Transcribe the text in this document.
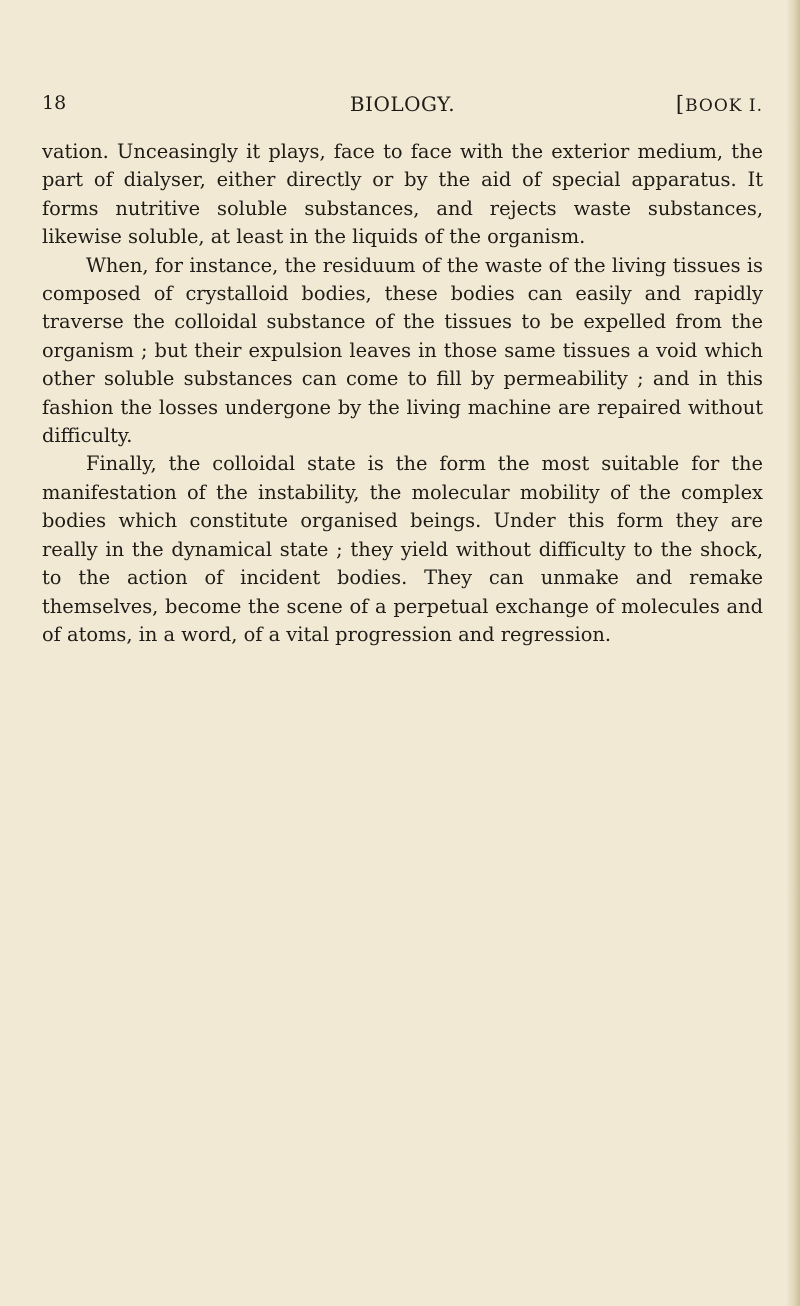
18	BIOLOGY.	[BOOK I.

vation. Unceasingly it plays, face to face with the exterior medium, the part of dialyser, either directly or by the aid of special apparatus. It forms nutritive soluble substances, and rejects waste substances, likewise soluble, at least in the liquids of the organism.

When, for instance, the residuum of the waste of the living tissues is composed of crystalloid bodies, these bodies can easily and rapidly traverse the colloidal substance of the tissues to be expelled from the organism ; but their expulsion leaves in those same tissues a void which other soluble substances can come to fill by permeability ; and in this fashion the losses undergone by the living machine are repaired without difficulty.

Finally, the colloidal state is the form the most suitable for the manifestation of the instability, the molecular mobility of the complex bodies which constitute organised beings. Under this form they are really in the dynamical state ; they yield without difficulty to the shock, to the action of incident bodies. They can unmake and remake themselves, become the scene of a perpetual exchange of molecules and of atoms, in a word, of a vital progression and regression.
